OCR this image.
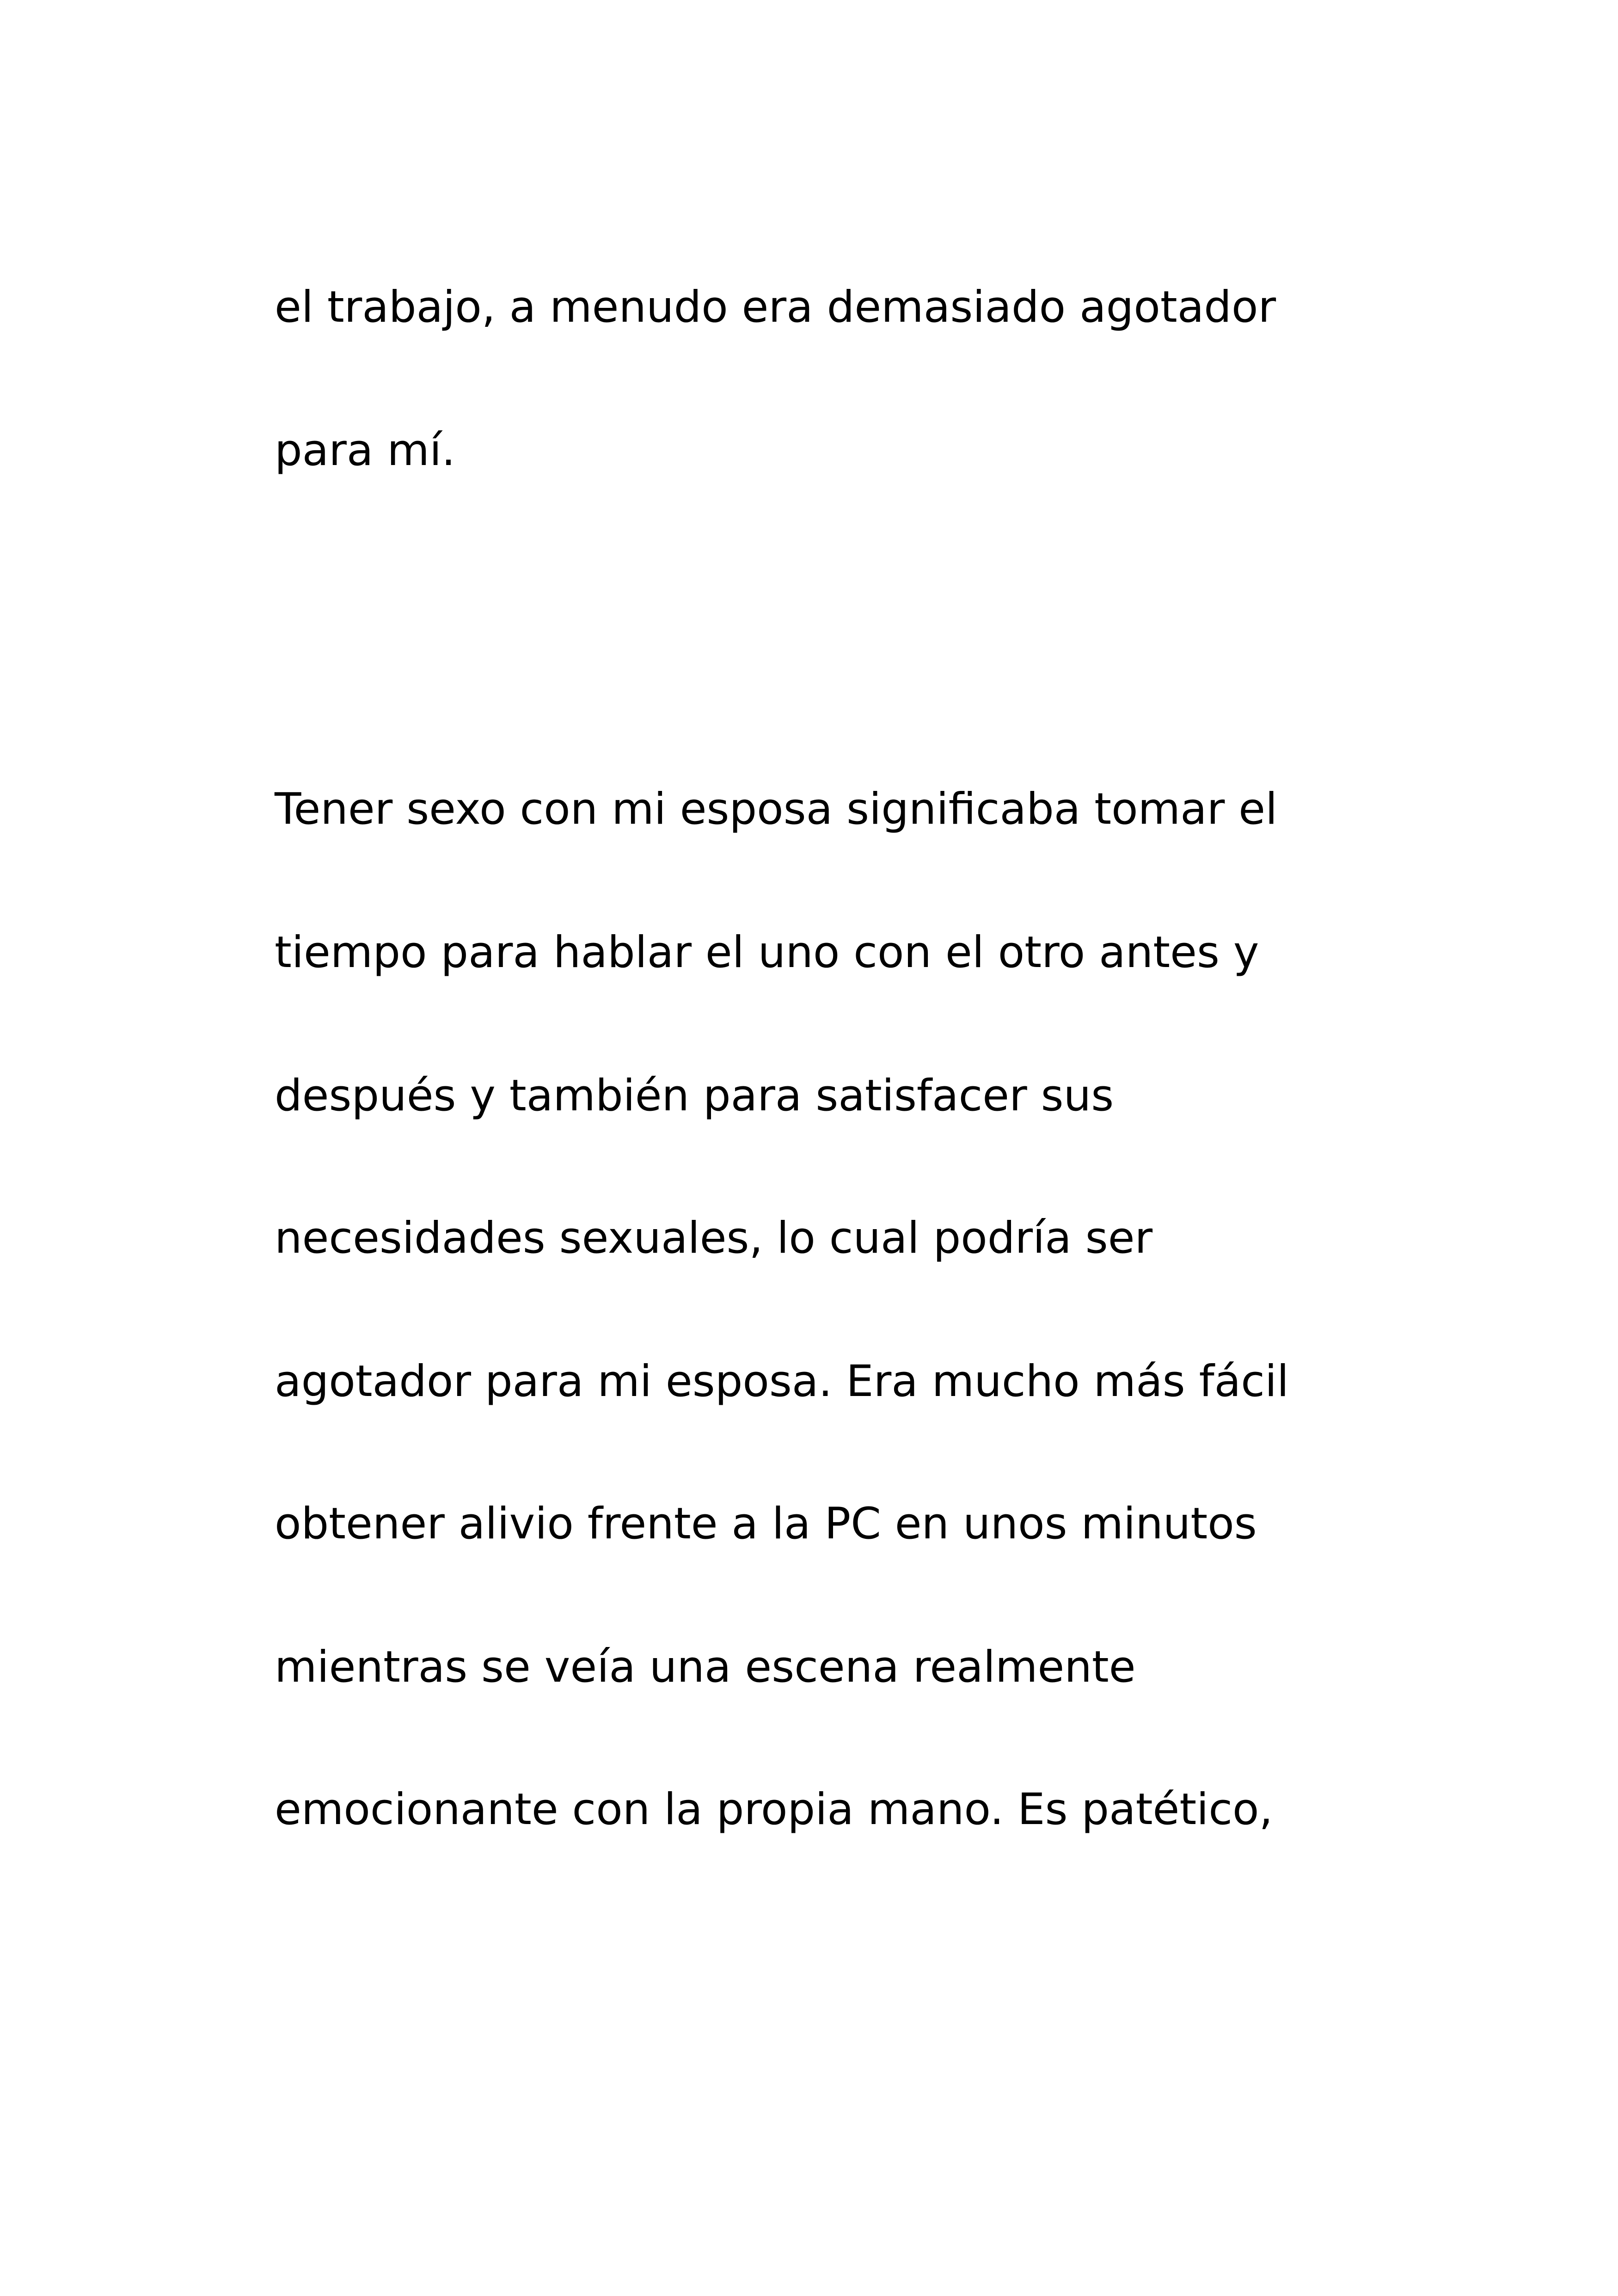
el trabajo, a menudo era demasiado agotador

para mí.

Tener sexo con mi esposa significaba tomar el

tiempo para hablar el uno con el otro antes y

después y también para satisfacer sus

necesidades sexuales, lo cual podría ser

agotador para mi esposa. Era mucho más fácil

obtener alivio frente a la PC en unos minutos

mientras se veía una escena realmente

emocionante con la propia mano. Es patético,
